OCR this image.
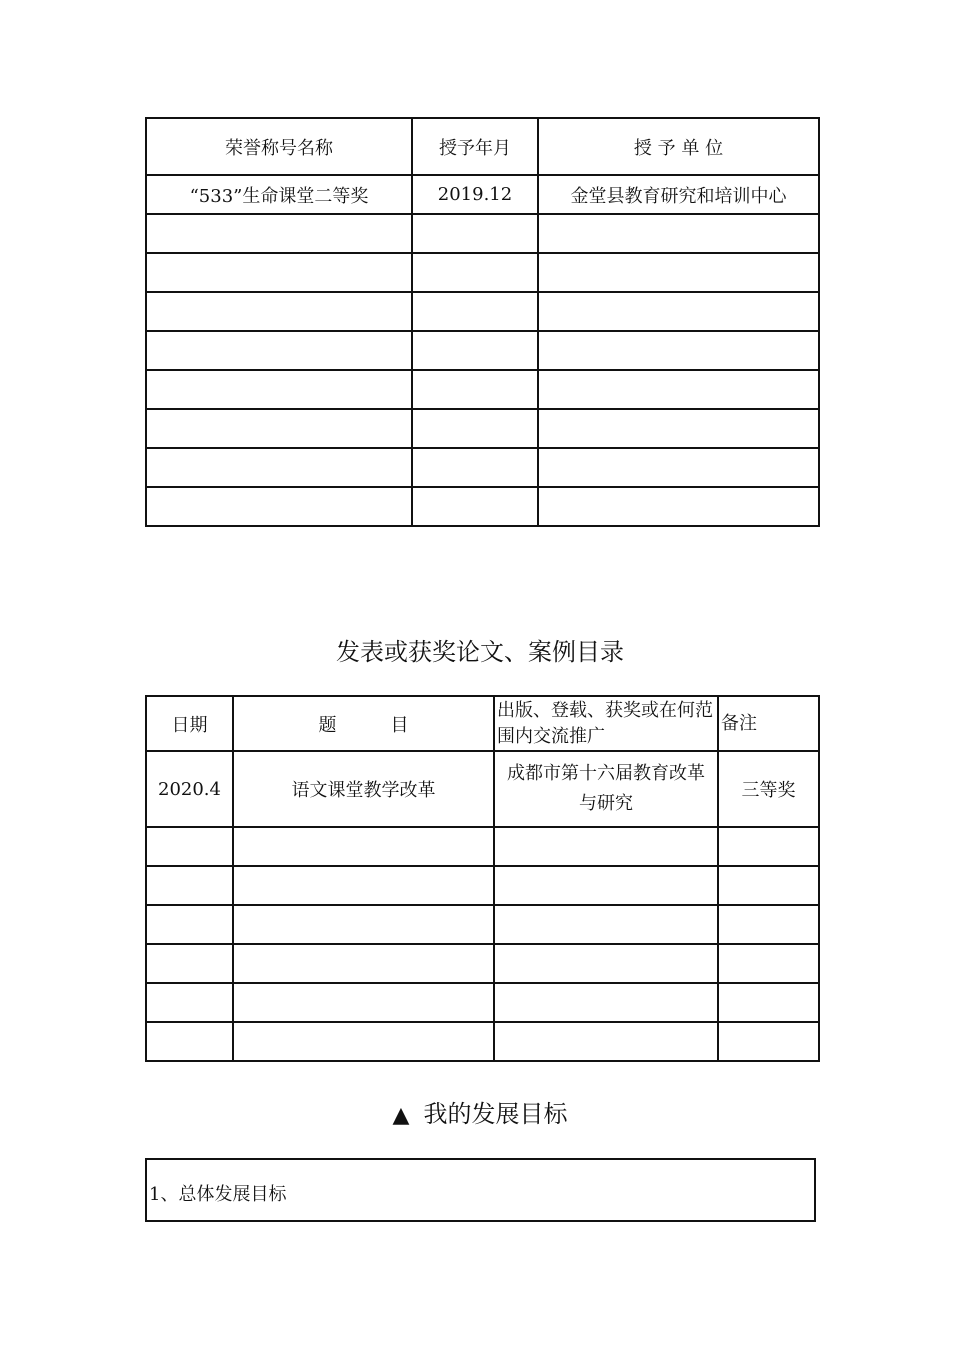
荣誉称号名称	授予年月	授 予 单 位
“533”生命课堂二等奖	2019.12	金堂县教育研究和培训中心

发表或获奖论文、案例目录
日期	题　　　目	出版、登载、获奖或在何范围内交流推广	备注
2020.4	语文课堂教学改革	成都市第十六届教育改革与研究	三等奖

▲ 我的发展目标
1、总体发展目标
